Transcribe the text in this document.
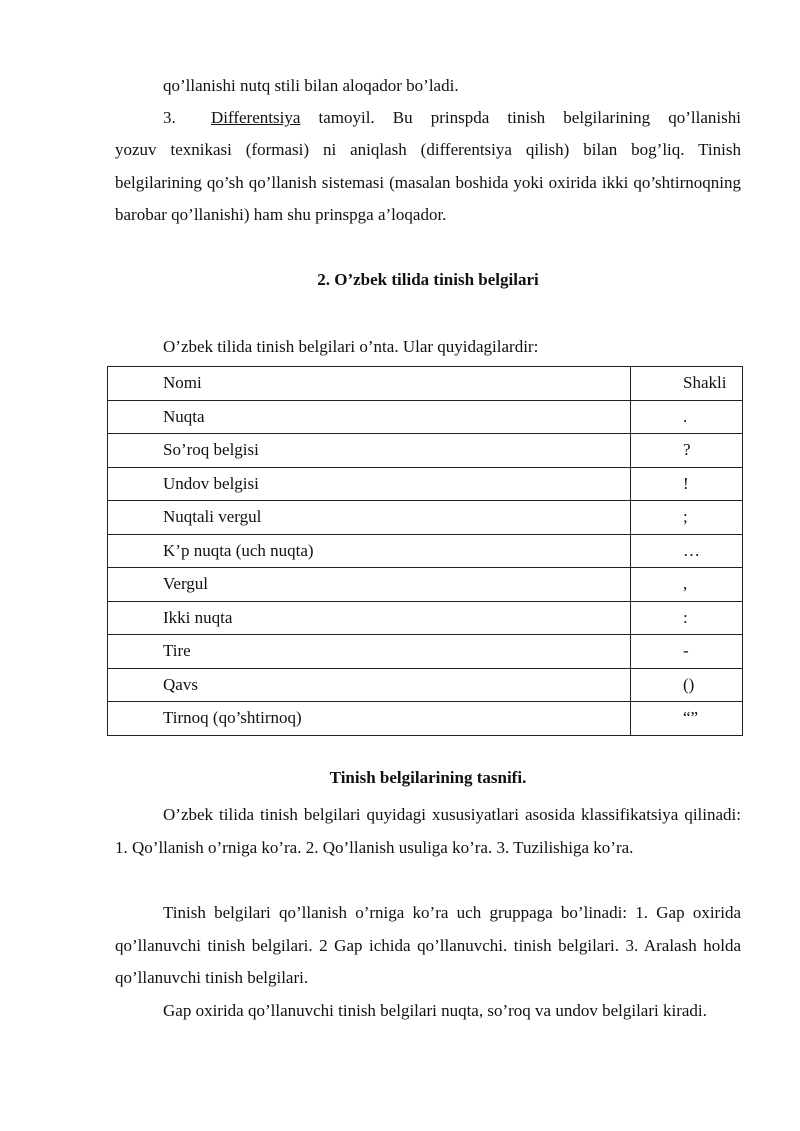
qo’llanishi nutq stili bilan aloqador bo’ladi.
3.	Differentsiya tamoyil. Bu prinspda tinish belgilarining qo’llanishi
yozuv texnikasi (formasi) ni aniqlash (differentsiya qilish) bilan bog’liq. Tinish belgilarining qo’sh qo’llanish sistemasi (masalan boshida yoki oxirida ikki qo’shtirnoqning barobar qo’llanishi) ham shu prinspga a’loqador.
2. O’zbek tilida tinish belgilari
O’zbek tilida tinish belgilari o’nta. Ular quyidagilardir:
Nomi	Shakli
Nuqta	.
So’roq belgisi	?
Undov belgisi	!
Nuqtali vergul	;
K’p nuqta (uch nuqta)	…
Vergul	,
Ikki nuqta	:
Tire	-
Qavs	()
Tirnoq (qo’shtirnoq)	“”
Tinish belgilarining tasnifi.
O’zbek tilida tinish belgilari quyidagi xususiyatlari asosida klassifikatsiya qilinadi: 1. Qo’llanish o’rniga ko’ra. 2. Qo’llanish usuliga ko’ra. 3. Tuzilishiga ko’ra.
Tinish belgilari qo’llanish o’rniga ko’ra uch gruppaga bo’linadi: 1. Gap oxirida qo’llanuvchi tinish belgilari. 2 Gap ichida qo’llanuvchi. tinish belgilari. 3. Aralash holda qo’llanuvchi tinish belgilari.
Gap oxirida qo’llanuvchi tinish belgilari nuqta, so’roq va undov belgilari kiradi.
